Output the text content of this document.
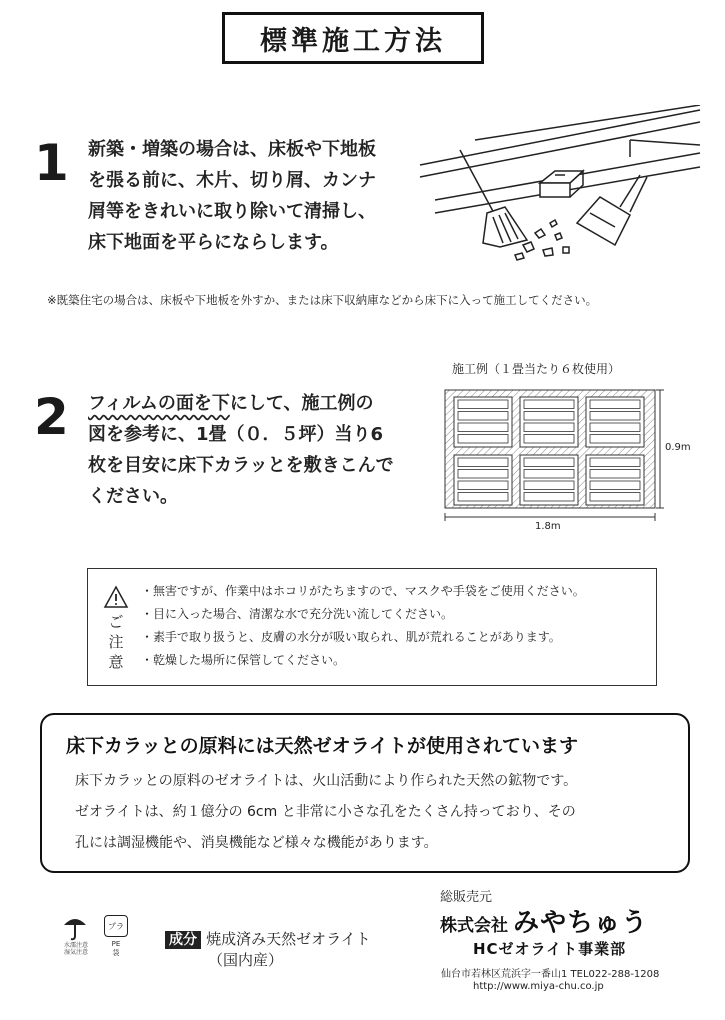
標準施工方法
1 新築・増築の場合は、床板や下地板
を張る前に、木片、切り屑、カンナ
屑等をきれいに取り除いて清掃し、
床下地面を平らにならします。
※既築住宅の場合は、床板や下地板を外すか、または床下収納庫などから床下に入って施工してください。
2 フィルムの面を下にして、施工例の
図を参考に、1畳（０．５坪）当り6
枚を目安に床下カラッとを敷きこんで
ください。
施工例（１畳当たり６枚使用）
0.9m
1.8m
ご
注
意
・無害ですが、作業中はホコリがたちますので、マスクや手袋をご使用ください。
・目に入った場合、清潔な水で充分洗い流してください。
・素手で取り扱うと、皮膚の水分が吸い取られ、肌が荒れることがあります。
・乾燥した場所に保管してください。
床下カラッとの原料には天然ゼオライトが使用されています
床下カラッとの原料のゼオライトは、火山活動により作られた天然の鉱物です。
ゼオライトは、約１億分の 6cm と非常に小さな孔をたくさん持っており、その
孔には調湿機能や、消臭機能など様々な機能があります。
水濡注意
湿気注意
プラ
PE
袋
成分 焼成済み天然ゼオライト
（国内産）
総販売元
株式会社 みやちゅう
HCゼオライト事業部
仙台市若林区荒浜字一番山1 TEL022-288-1208
http://www.miya-chu.co.jp
